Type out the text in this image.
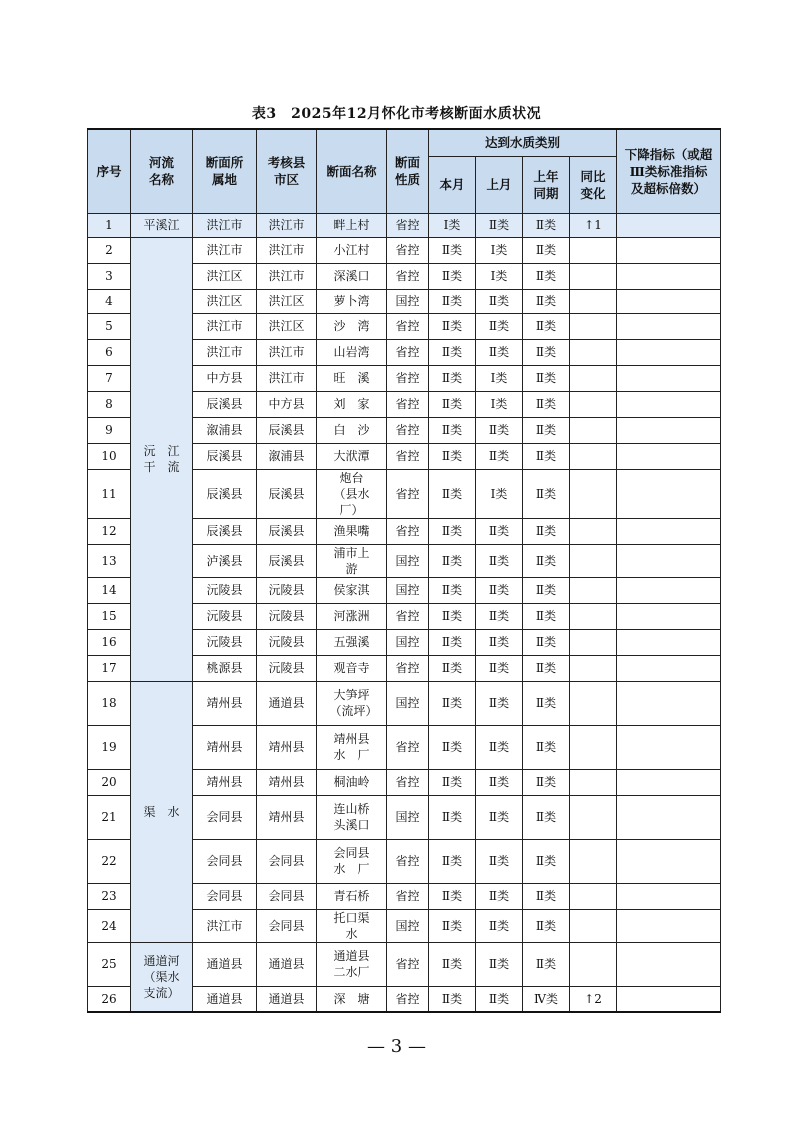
表3　2025年12月怀化市考核断面水质状况
序号	河流名称	断面所属地	考核县市区	断面名称	断面性质	达到水质类别				下降指标（或超Ⅲ类标准指标及超标倍数）
						本月	上月	上年同期	同比变化	
1	平溪江	洪江市	洪江市	畔上村	省控	Ⅰ类	Ⅱ类	Ⅱ类	↑1	
2	沅　江　干　流	洪江市	洪江市	小江村	省控	Ⅱ类	Ⅰ类	Ⅱ类		
3		洪江区	洪江市	深溪口	省控	Ⅱ类	Ⅰ类	Ⅱ类		
4		洪江区	洪江区	萝卜湾	国控	Ⅱ类	Ⅱ类	Ⅱ类		
5		洪江市	洪江区	沙　湾	省控	Ⅱ类	Ⅱ类	Ⅱ类		
6		洪江市	洪江市	山岩湾	省控	Ⅱ类	Ⅱ类	Ⅱ类		
7		中方县	洪江市	旺　溪	省控	Ⅱ类	Ⅰ类	Ⅱ类		
8		辰溪县	中方县	刘　家	省控	Ⅱ类	Ⅰ类	Ⅱ类		
9		溆浦县	辰溪县	白　沙	省控	Ⅱ类	Ⅱ类	Ⅱ类		
10		辰溪县	溆浦县	大洑潭	省控	Ⅱ类	Ⅱ类	Ⅱ类		
11		辰溪县	辰溪县	炮台（县水厂）	省控	Ⅱ类	Ⅰ类	Ⅱ类		
12		辰溪县	辰溪县	渔果嘴	省控	Ⅱ类	Ⅱ类	Ⅱ类		
13		泸溪县	辰溪县	浦市上游	国控	Ⅱ类	Ⅱ类	Ⅱ类		
14		沅陵县	沅陵县	侯家淇	国控	Ⅱ类	Ⅱ类	Ⅱ类		
15		沅陵县	沅陵县	河涨洲	省控	Ⅱ类	Ⅱ类	Ⅱ类		
16		沅陵县	沅陵县	五强溪	国控	Ⅱ类	Ⅱ类	Ⅱ类		
17		桃源县	沅陵县	观音寺	省控	Ⅱ类	Ⅱ类	Ⅱ类		
18	渠　水	靖州县	通道县	大笋坪（流坪）	国控	Ⅱ类	Ⅱ类	Ⅱ类		
19		靖州县	靖州县	靖州县水　厂	省控	Ⅱ类	Ⅱ类	Ⅱ类		
20		靖州县	靖州县	桐油岭	省控	Ⅱ类	Ⅱ类	Ⅱ类		
21		会同县	靖州县	连山桥头溪口	国控	Ⅱ类	Ⅱ类	Ⅱ类		
22		会同县	会同县	会同县水　厂	省控	Ⅱ类	Ⅱ类	Ⅱ类		
23		会同县	会同县	青石桥	省控	Ⅱ类	Ⅱ类	Ⅱ类		
24		洪江市	会同县	托口渠水	国控	Ⅱ类	Ⅱ类	Ⅱ类		
25	通道河（渠水支流）	通道县	通道县	通道县二水厂	省控	Ⅱ类	Ⅱ类	Ⅱ类		
26		通道县	通道县	深　塘	省控	Ⅱ类	Ⅱ类	Ⅳ类	↑2	
— 3 —
